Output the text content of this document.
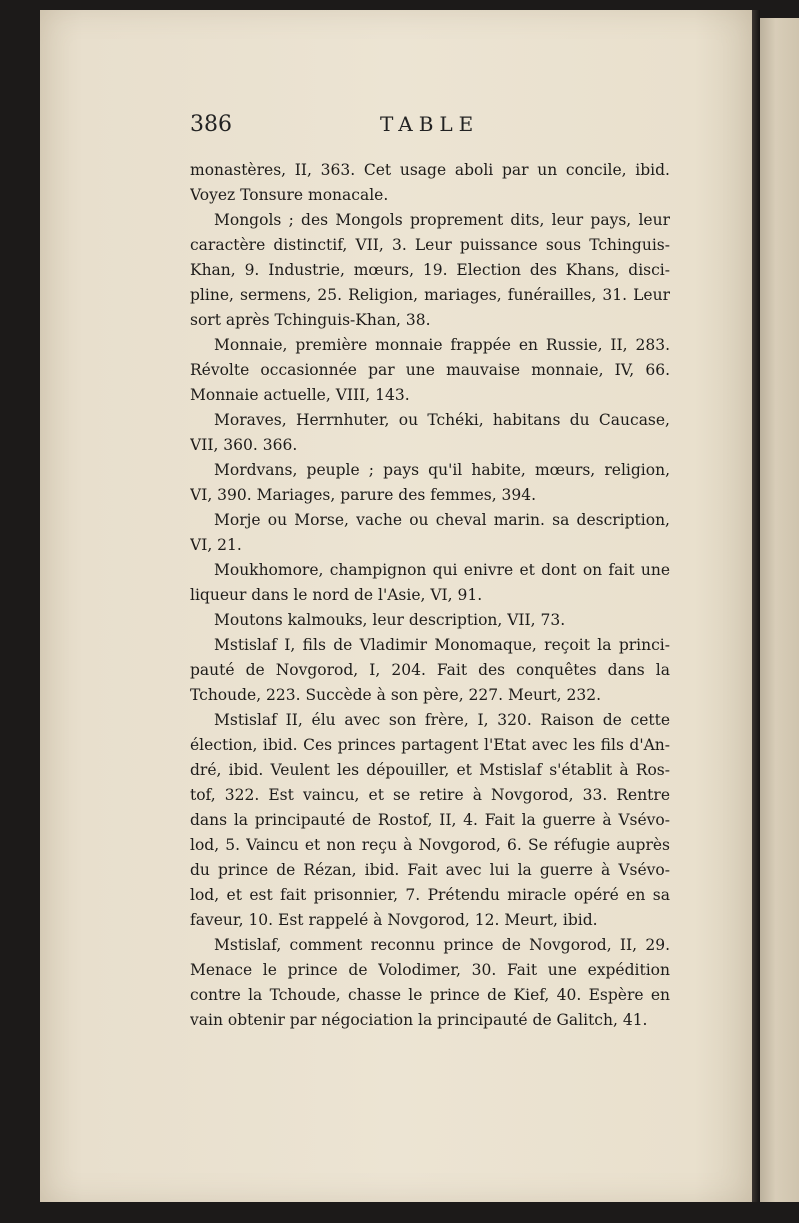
386	TABLE
monastères, II, 363. Cet usage aboli par un concile, ibid.
Voyez Tonsure monacale.
Mongols ; des Mongols proprement dits, leur pays, leur
caractère distinctif, VII, 3. Leur puissance sous Tchinguis-
Khan, 9. Industrie, mœurs, 19. Election des Khans, disci-
pline, sermens, 25. Religion, mariages, funérailles, 31. Leur
sort après Tchinguis-Khan, 38.
Monnaie, première monnaie frappée en Russie, II, 283.
Révolte occasionnée par une mauvaise monnaie, IV, 66.
Monnaie actuelle, VIII, 143.
Moraves, Herrnhuter, ou Tchéki, habitans du Caucase,
VII, 360. 366.
Mordvans, peuple ; pays qu'il habite, mœurs, religion,
VI, 390. Mariages, parure des femmes, 394.
Morje ou Morse, vache ou cheval marin. sa description,
VI, 21.
Moukhomore, champignon qui enivre et dont on fait une
liqueur dans le nord de l'Asie, VI, 91.
Moutons kalmouks, leur description, VII, 73.
Mstislaf I, fils de Vladimir Monomaque, reçoit la princi-
pauté de Novgorod, I, 204. Fait des conquêtes dans la
Tchoude, 223. Succède à son père, 227. Meurt, 232.
Mstislaf II, élu avec son frère, I, 320. Raison de cette
élection, ibid. Ces princes partagent l'Etat avec les fils d'An-
dré, ibid. Veulent les dépouiller, et Mstislaf s'établit à Ros-
tof, 322. Est vaincu, et se retire à Novgorod, 33. Rentre
dans la principauté de Rostof, II, 4. Fait la guerre à Vsévo-
lod, 5. Vaincu et non reçu à Novgorod, 6. Se réfugie auprès
du prince de Rézan, ibid. Fait avec lui la guerre à Vsévo-
lod, et est fait prisonnier, 7. Prétendu miracle opéré en sa
faveur, 10. Est rappelé à Novgorod, 12. Meurt, ibid.
Mstislaf, comment reconnu prince de Novgorod, II, 29.
Menace le prince de Volodimer, 30. Fait une expédition
contre la Tchoude, chasse le prince de Kief, 40. Espère en
vain obtenir par négociation la principauté de Galitch, 41.
